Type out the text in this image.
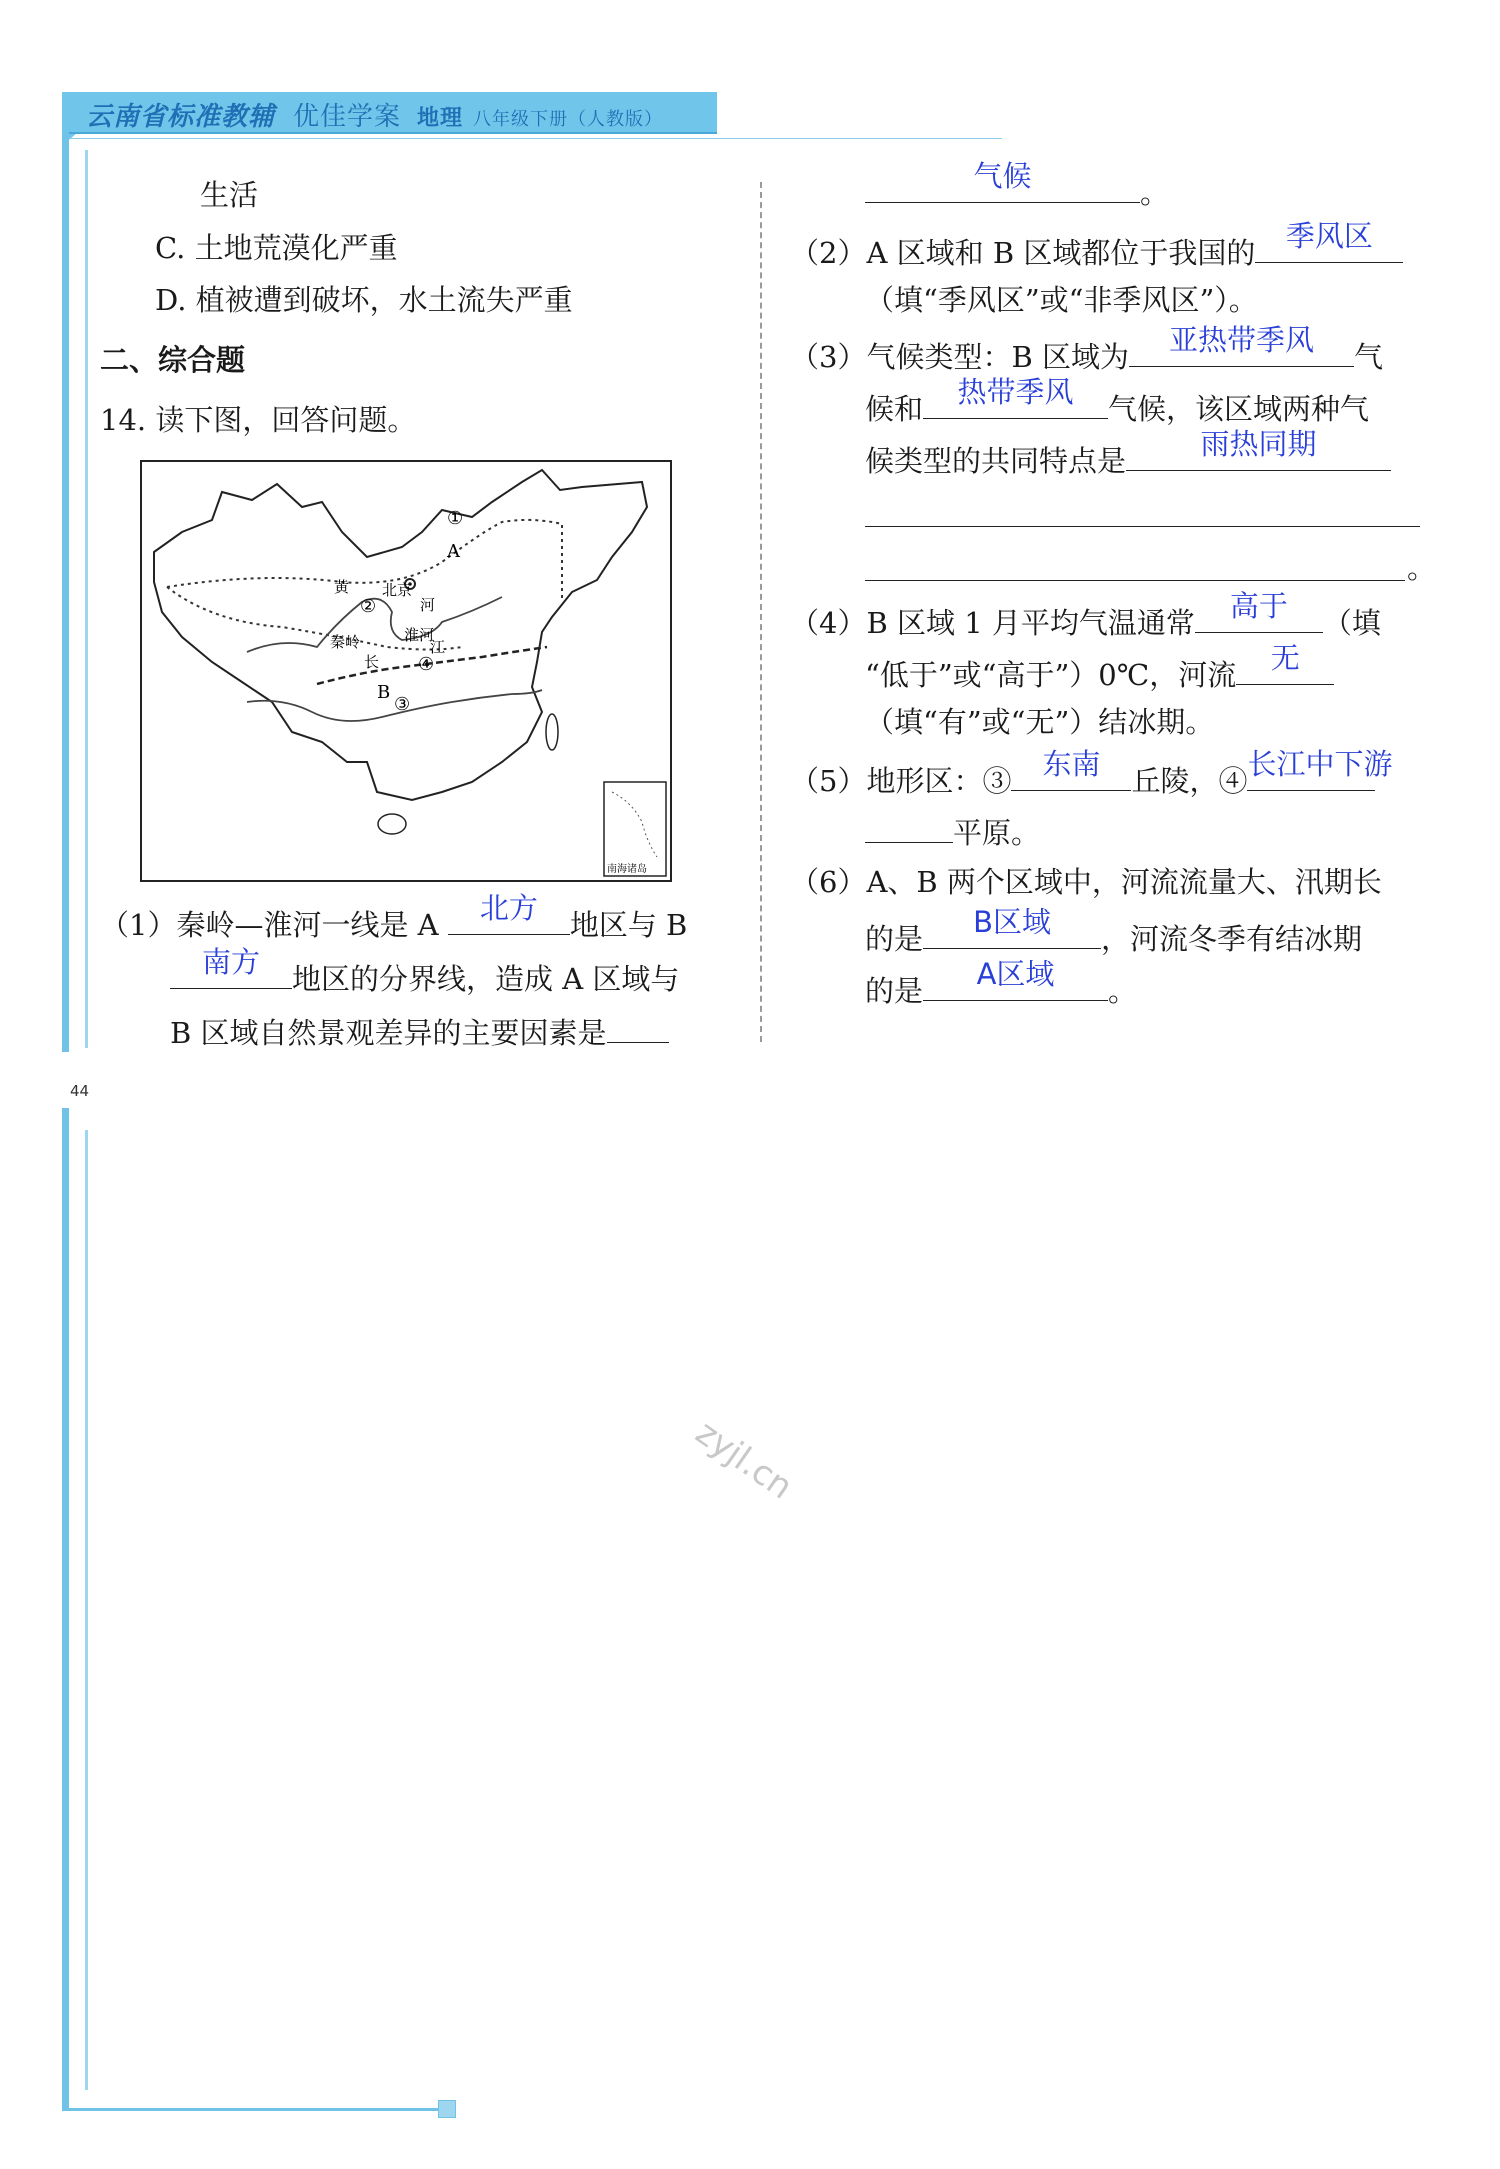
云南省标准教辅 优佳学案 地理 八年级下册（人教版）
44
生活
C. 土地荒漠化严重
D. 植被遭到破坏，水土流失严重
二、综合题
14. 读下图，回答问题。
A
B
黄
河
北京
淮河
秦岭
长
江
①
②
③
④
南海诸岛
（1）秦岭—淮河一线是 A	北方	地区与 B
南方	地区的分界线，造成 A 区域与
B 区域自然景观差异的主要因素是
气候	。
（2）A 区域和 B 区域都位于我国的	季风区
（填“季风区”或“非季风区”）。
（3）气候类型：B 区域为	亚热带季风	气
候和	热带季风	气候，该区域两种气
候类型的共同特点是	雨热同期
。
（4）B 区域 1 月平均气温通常	高于	（填
“低于”或“高于”）0℃，河流	无
（填“有”或“无”）结冰期。
（5）地形区：③	东南	丘陵，④ 长江中下游
平原。
（6）A、B 两个区域中，河流流量大、汛期长
的是	B区域	，河流冬季有结冰期
的是	A区域	。
zyjl.cn
